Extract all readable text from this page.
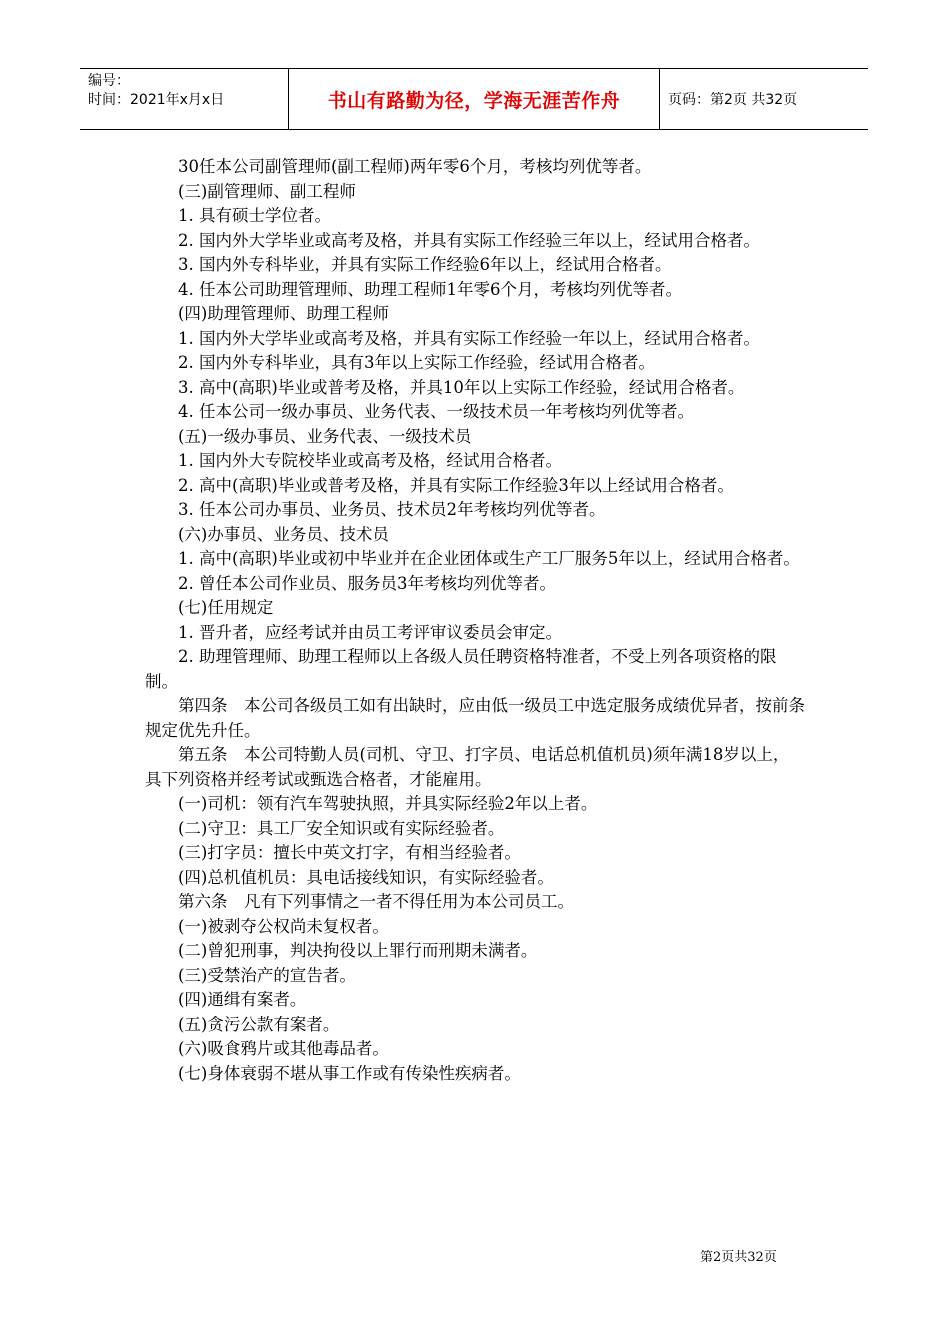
编号：
时间：2021年x月x日	书山有路勤为径，学海无涯苦作舟	页码：第2页 共32页

30任本公司副管理师(副工程师)两年零6个月，考核均列优等者。

(三)副管理师、副工程师

1. 具有硕士学位者。

2. 国内外大学毕业或高考及格，并具有实际工作经验三年以上，经试用合格者。

3. 国内外专科毕业，并具有实际工作经验6年以上，经试用合格者。

4. 任本公司助理管理师、助理工程师1年零6个月，考核均列优等者。

(四)助理管理师、助理工程师

1. 国内外大学毕业或高考及格，并具有实际工作经验一年以上，经试用合格者。

2. 国内外专科毕业，具有3年以上实际工作经验，经试用合格者。

3. 高中(高职)毕业或普考及格，并具10年以上实际工作经验，经试用合格者。

4. 任本公司一级办事员、业务代表、一级技术员一年考核均列优等者。

(五)一级办事员、业务代表、一级技术员

1. 国内外大专院校毕业或高考及格，经试用合格者。

2. 高中(高职)毕业或普考及格，并具有实际工作经验3年以上经试用合格者。

3. 任本公司办事员、业务员、技术员2年考核均列优等者。

(六)办事员、业务员、技术员

1. 高中(高职)毕业或初中毕业并在企业团体或生产工厂服务5年以上，经试用合格者。

2. 曾任本公司作业员、服务员3年考核均列优等者。

(七)任用规定

1. 晋升者，应经考试并由员工考评审议委员会审定。

2. 助理管理师、助理工程师以上各级人员任聘资格特准者，不受上列各项资格的限制。

第四条　本公司各级员工如有出缺时，应由低一级员工中选定服务成绩优异者，按前条规定优先升任。

第五条　本公司特勤人员(司机、守卫、打字员、电话总机值机员)须年满18岁以上，具下列资格并经考试或甄选合格者，才能雇用。

(一)司机：领有汽车驾驶执照，并具实际经验2年以上者。

(二)守卫：具工厂安全知识或有实际经验者。

(三)打字员：擅长中英文打字，有相当经验者。

(四)总机值机员：具电话接线知识，有实际经验者。

第六条　凡有下列事情之一者不得任用为本公司员工。

(一)被剥夺公权尚未复权者。

(二)曾犯刑事，判决拘役以上罪行而刑期未满者。

(三)受禁治产的宣告者。

(四)通缉有案者。

(五)贪污公款有案者。

(六)吸食鸦片或其他毒品者。

(七)身体衰弱不堪从事工作或有传染性疾病者。

第2页共32页
